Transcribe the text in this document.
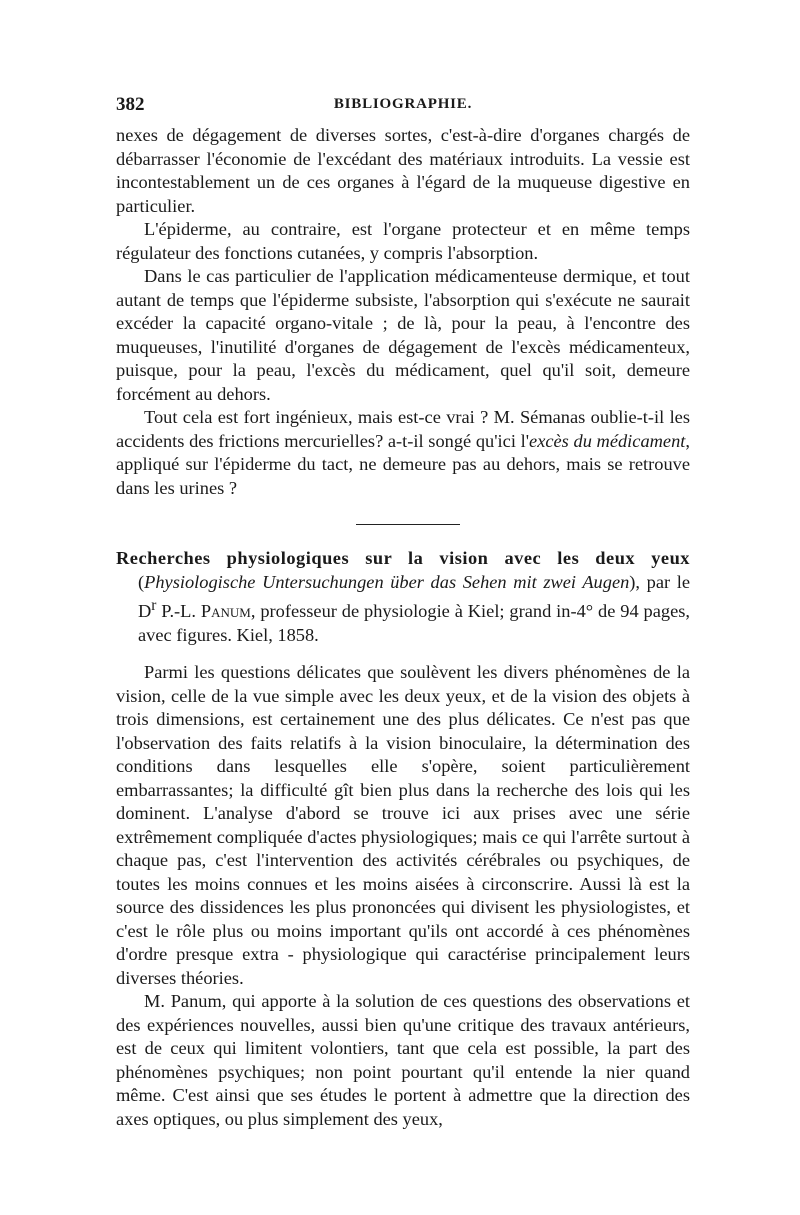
382	BIBLIOGRAPHIE.

nexes de dégagement de diverses sortes, c'est-à-dire d'organes chargés de débarrasser l'économie de l'excédant des matériaux introduits. La vessie est incontestablement un de ces organes à l'égard de la muqueuse digestive en particulier.

L'épiderme, au contraire, est l'organe protecteur et en même temps régulateur des fonctions cutanées, y compris l'absorption.

Dans le cas particulier de l'application médicamenteuse dermique, et tout autant de temps que l'épiderme subsiste, l'absorption qui s'exécute ne saurait excéder la capacité organo-vitale ; de là, pour la peau, à l'encontre des muqueuses, l'inutilité d'organes de dégagement de l'excès médicamenteux, puisque, pour la peau, l'excès du médicament, quel qu'il soit, demeure forcément au dehors.

Tout cela est fort ingénieux, mais est-ce vrai ? M. Sémanas oublie-t-il les accidents des frictions mercurielles? a-t-il songé qu'ici l'excès du médicament, appliqué sur l'épiderme du tact, ne demeure pas au dehors, mais se retrouve dans les urines ?

Recherches physiologiques sur la vision avec les deux yeux (Physiologische Untersuchungen über das Sehen mit zwei Augen), par le $D^r$ P.-L. Panum, professeur de physiologie à Kiel; grand in-4° de 94 pages, avec figures. Kiel, 1858.

Parmi les questions délicates que soulèvent les divers phénomènes de la vision, celle de la vue simple avec les deux yeux, et de la vision des objets à trois dimensions, est certainement une des plus délicates. Ce n'est pas que l'observation des faits relatifs à la vision binoculaire, la détermination des conditions dans lesquelles elle s'opère, soient particulièrement embarrassantes; la difficulté gît bien plus dans la recherche des lois qui les dominent. L'analyse d'abord se trouve ici aux prises avec une série extrêmement compliquée d'actes physiologiques; mais ce qui l'arrête surtout à chaque pas, c'est l'intervention des activités cérébrales ou psychiques, de toutes les moins connues et les moins aisées à circonscrire. Aussi là est la source des dissidences les plus prononcées qui divisent les physiologistes, et c'est le rôle plus ou moins important qu'ils ont accordé à ces phénomènes d'ordre presque extra - physiologique qui caractérise principalement leurs diverses théories.

M. Panum, qui apporte à la solution de ces questions des observations et des expériences nouvelles, aussi bien qu'une critique des travaux antérieurs, est de ceux qui limitent volontiers, tant que cela est possible, la part des phénomènes psychiques; non point pourtant qu'il entende la nier quand même. C'est ainsi que ses études le portent à admettre que la direction des axes optiques, ou plus simplement des yeux,
